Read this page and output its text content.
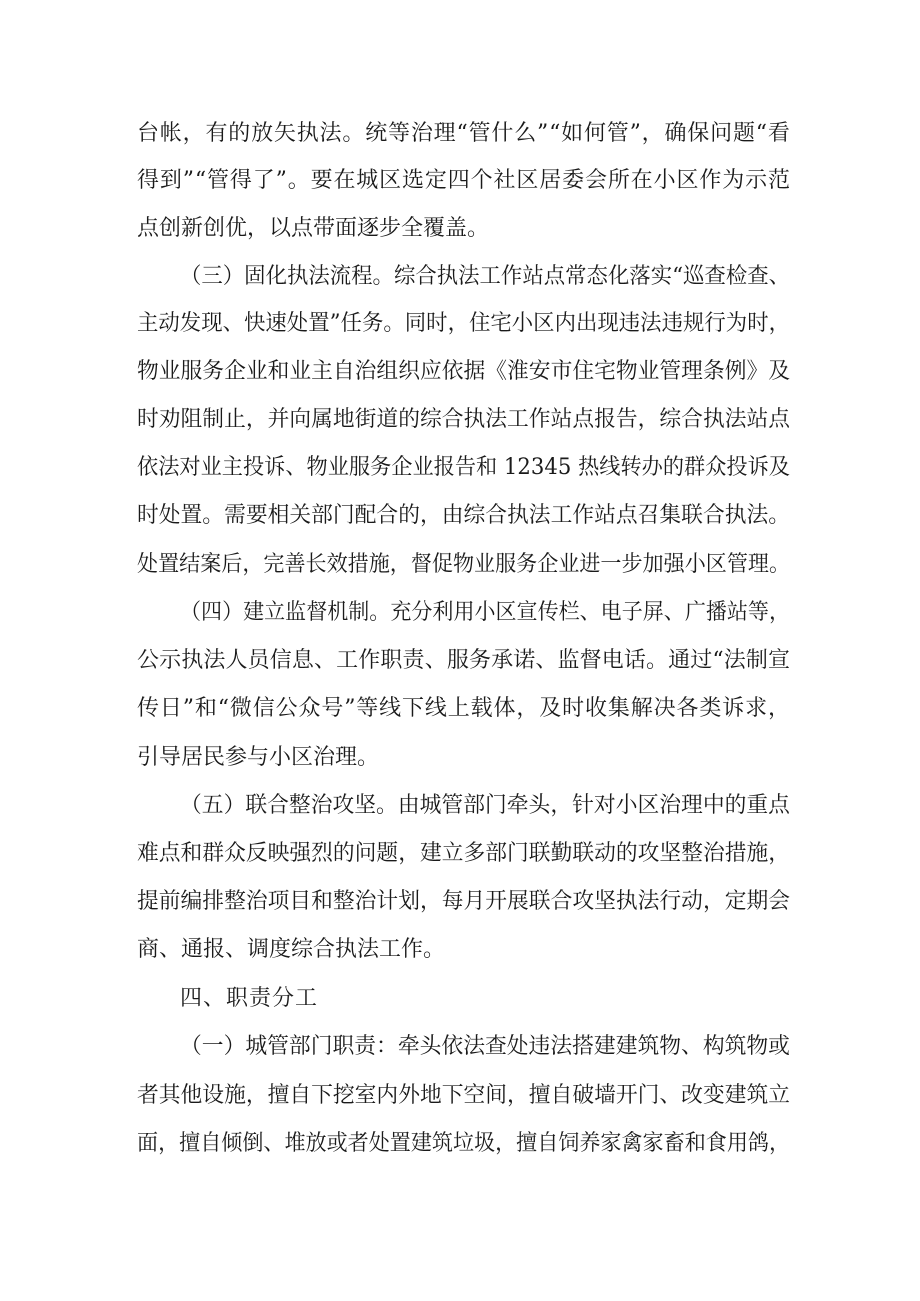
台帐，有的放矢执法。统等治理“管什么”“如何管”，确保问题“看
得到”“管得了”。要在城区选定四个社区居委会所在小区作为示范
点创新创优，以点带面逐步全覆盖。
（三）固化执法流程。综合执法工作站点常态化落实“巡查检查、
主动发现、快速处置”任务。同时，住宅小区内出现违法违规行为时，
物业服务企业和业主自治组织应依据《淮安市住宅物业管理条例》及
时劝阻制止，并向属地街道的综合执法工作站点报告，综合执法站点
依法对业主投诉、物业服务企业报告和 12345 热线转办的群众投诉及
时处置。需要相关部门配合的，由综合执法工作站点召集联合执法。
处置结案后，完善长效措施，督促物业服务企业进一步加强小区管理。
（四）建立监督机制。充分利用小区宣传栏、电子屏、广播站等，
公示执法人员信息、工作职责、服务承诺、监督电话。通过“法制宣
传日”和“微信公众号”等线下线上载体，及时收集解决各类诉求，
引导居民参与小区治理。
（五）联合整治攻坚。由城管部门牵头，针对小区治理中的重点
难点和群众反映强烈的问题，建立多部门联勤联动的攻坚整治措施，
提前编排整治项目和整治计划，每月开展联合攻坚执法行动，定期会
商、通报、调度综合执法工作。
四、职责分工
（一）城管部门职责：牵头依法查处违法搭建建筑物、构筑物或
者其他设施，擅自下挖室内外地下空间，擅自破墙开门、改变建筑立
面，擅自倾倒、堆放或者处置建筑垃圾，擅自饲养家禽家畜和食用鸽，
